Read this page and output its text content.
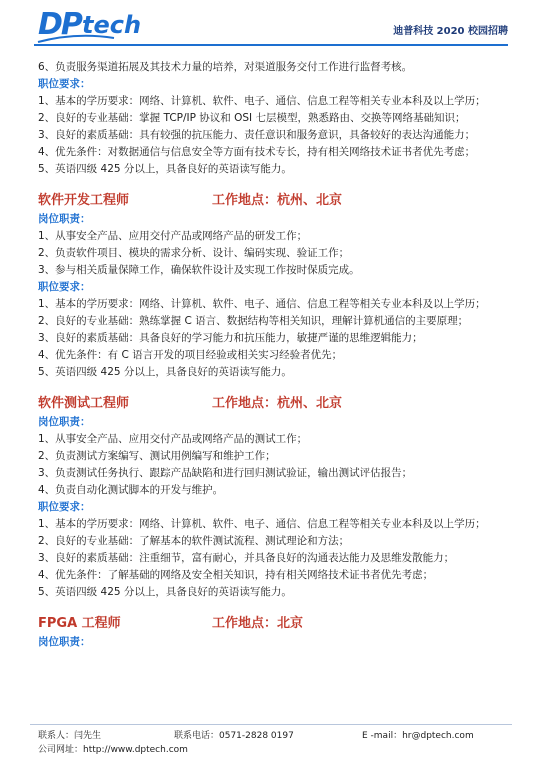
DP tech	迪普科技 2020 校园招聘
6、负责服务渠道拓展及其技术力量的培养，对渠道服务交付工作进行监督考核。
职位要求：
1、基本的学历要求：网络、计算机、软件、电子、通信、信息工程等相关专业本科及以上学历；
2、良好的专业基础：掌握 TCP/IP 协议和 OSI 七层模型，熟悉路由、交换等网络基础知识；
3、良好的素质基础：具有较强的抗压能力、责任意识和服务意识，具备较好的表达沟通能力；
4、优先条件：对数据通信与信息安全等方面有技术专长，持有相关网络技术证书者优先考虑；
5、英语四级 425 分以上，具备良好的英语读写能力。
软件开发工程师	工作地点：杭州、北京
岗位职责：
1、从事安全产品、应用交付产品或网络产品的研发工作；
2、负责软件项目、模块的需求分析、设计、编码实现、验证工作；
3、参与相关质量保障工作，确保软件设计及实现工作按时保质完成。
职位要求：
1、基本的学历要求：网络、计算机、软件、电子、通信、信息工程等相关专业本科及以上学历；
2、良好的专业基础：熟练掌握 C 语言、数据结构等相关知识，理解计算机通信的主要原理；
3、良好的素质基础：具备良好的学习能力和抗压能力，敏捷严谨的思维逻辑能力；
4、优先条件：有 C 语言开发的项目经验或相关实习经验者优先；
5、英语四级 425 分以上，具备良好的英语读写能力。
软件测试工程师	工作地点：杭州、北京
岗位职责：
1、从事安全产品、应用交付产品或网络产品的测试工作；
2、负责测试方案编写、测试用例编写和维护工作；
3、负责测试任务执行、跟踪产品缺陷和进行回归测试验证，输出测试评估报告；
4、负责自动化测试脚本的开发与维护。
职位要求：
1、基本的学历要求：网络、计算机、软件、电子、通信、信息工程等相关专业本科及以上学历；
2、良好的专业基础：了解基本的软件测试流程、测试理论和方法；
3、良好的素质基础：注重细节，富有耐心，并具备良好的沟通表达能力及思维发散能力；
4、优先条件：了解基础的网络及安全相关知识，持有相关网络技术证书者优先考虑；
5、英语四级 425 分以上，具备良好的英语读写能力。
FPGA 工程师	工作地点：北京
岗位职责：
联系人：闫先生	联系电话：0571-2828 0197	E -mail：hr@dptech.com
公司网址：http://www.dptech.com
